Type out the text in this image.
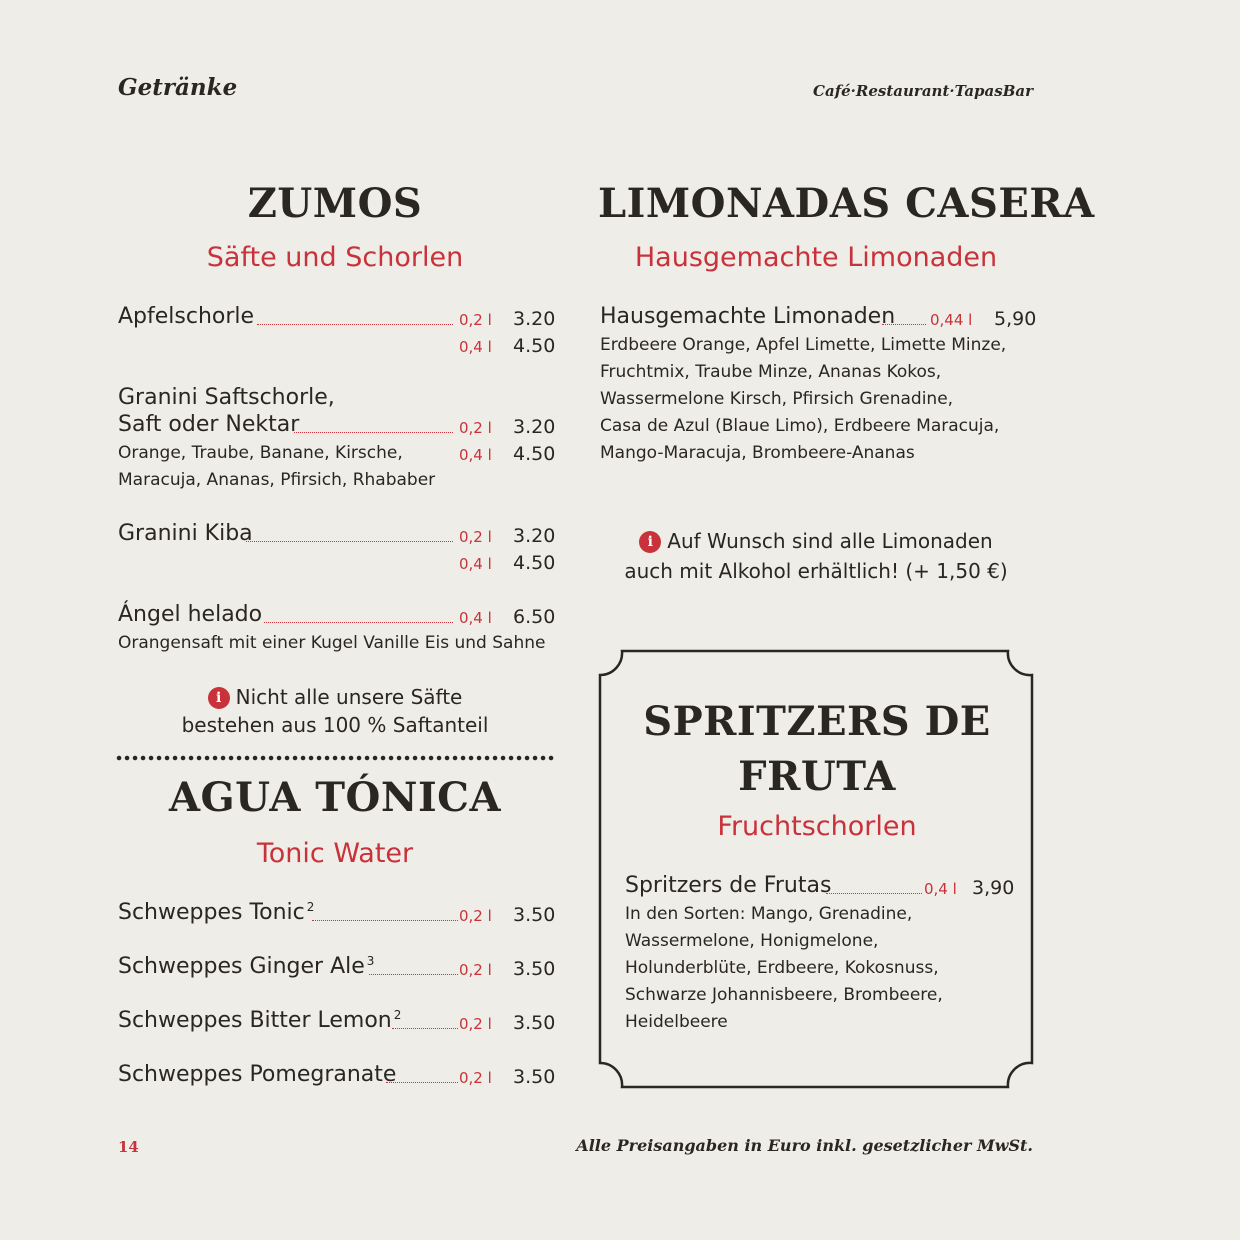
Getränke	Café·Restaurant·TapasBar
ZUMOS
Säfte und Schorlen
Apfelschorle	0,2 l 3.20
0,4 l 4.50
Granini Saftschorle,
Saft oder Nektar	0,2 l 3.20
0,4 l 4.50
Orange, Traube, Banane, Kirsche,
Maracuja, Ananas, Pfirsich, Rhababer
Granini Kiba	0,2 l 3.20
0,4 l 4.50
Ángel helado	0,4 l 6.50
Orangensaft mit einer Kugel Vanille Eis und Sahne
i Nicht alle unsere Säfte
bestehen aus 100 % Saftanteil
AGUA TÓNICA
Tonic Water
Schweppes Tonic $^2$	0,2 l 3.50
Schweppes Ginger Ale $^3$	0,2 l 3.50
Schweppes Bitter Lemon $^2$	0,2 l 3.50
Schweppes Pomegranate	0,2 l 3.50
LIMONADAS CASERA
Hausgemachte Limonaden
Hausgemachte Limonaden 0,44 l 5,90
Erdbeere Orange, Apfel Limette, Limette Minze,
Fruchtmix, Traube Minze, Ananas Kokos,
Wassermelone Kirsch, Pfirsich Grenadine,
Casa de Azul (Blaue Limo), Erdbeere Maracuja,
Mango-Maracuja, Brombeere-Ananas
i Auf Wunsch sind alle Limonaden
auch mit Alkohol erhältlich! (+ 1,50 €)
SPRITZERS DE
FRUTA
Fruchtschorlen
Spritzers de Frutas	0,4 l 3,90
In den Sorten: Mango, Grenadine,
Wassermelone, Honigmelone,
Holunderblüte, Erdbeere, Kokosnuss,
Schwarze Johannisbeere, Brombeere,
Heidelbeere
14	Alle Preisangaben in Euro inkl. gesetzlicher MwSt.
